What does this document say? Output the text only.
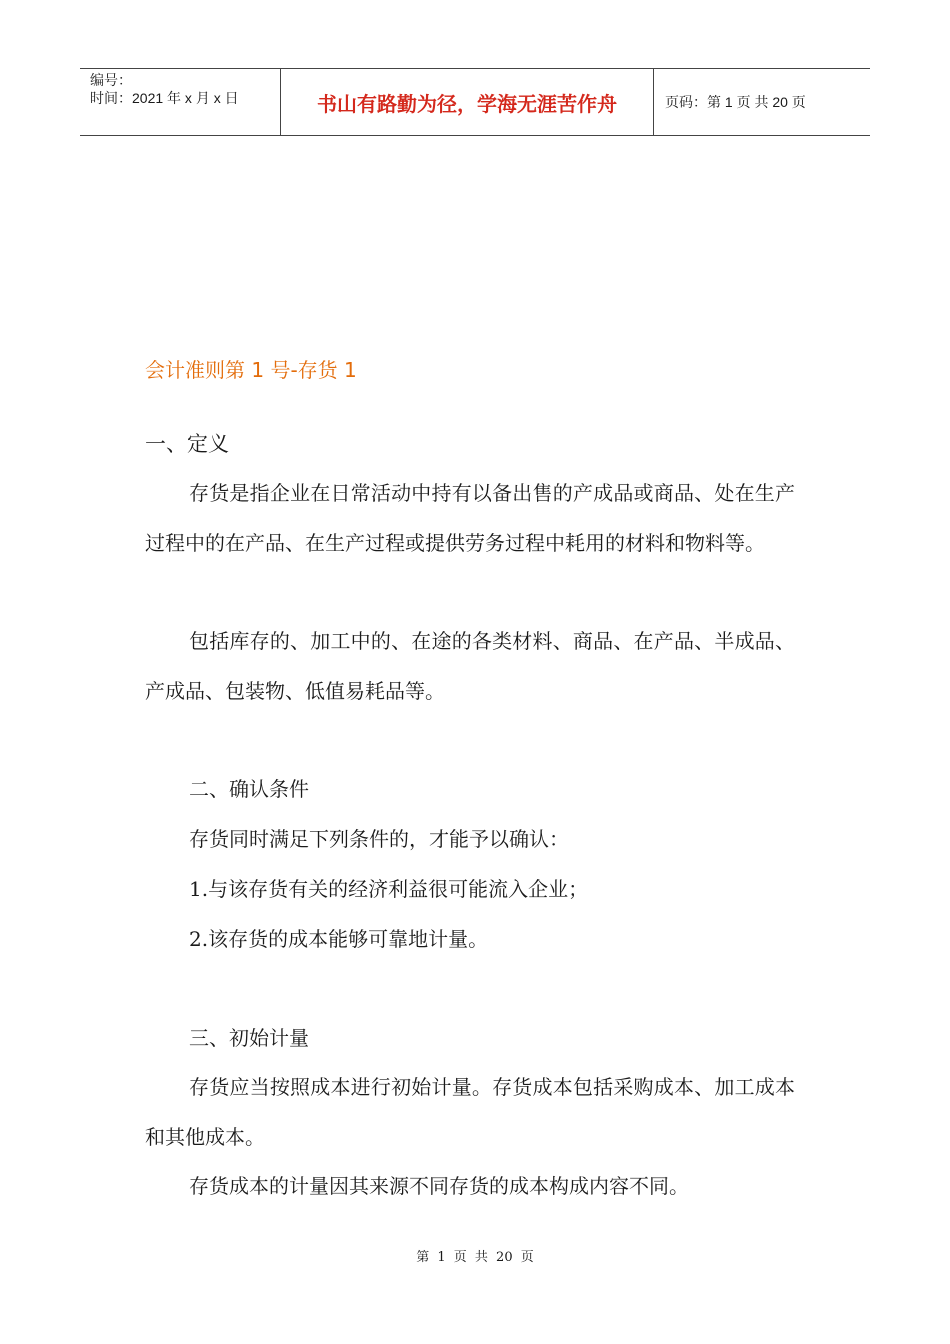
编号：
时间：2021 年 x 月 x 日	书山有路勤为径，学海无涯苦作舟	页码：第 1 页 共 20 页
会计准则第 1 号-存货 1
一、定义
存货是指企业在日常活动中持有以备出售的产成品或商品、处在生产过程中的在产品、在生产过程或提供劳务过程中耗用的材料和物料等。
包括库存的、加工中的、在途的各类材料、商品、在产品、半成品、产成品、包装物、低值易耗品等。
二、确认条件
存货同时满足下列条件的，才能予以确认：
1.与该存货有关的经济利益很可能流入企业；
2.该存货的成本能够可靠地计量。
三、初始计量
存货应当按照成本进行初始计量。存货成本包括采购成本、加工成本和其他成本。
存货成本的计量因其来源不同存货的成本构成内容不同。
第 1 页 共 20 页
